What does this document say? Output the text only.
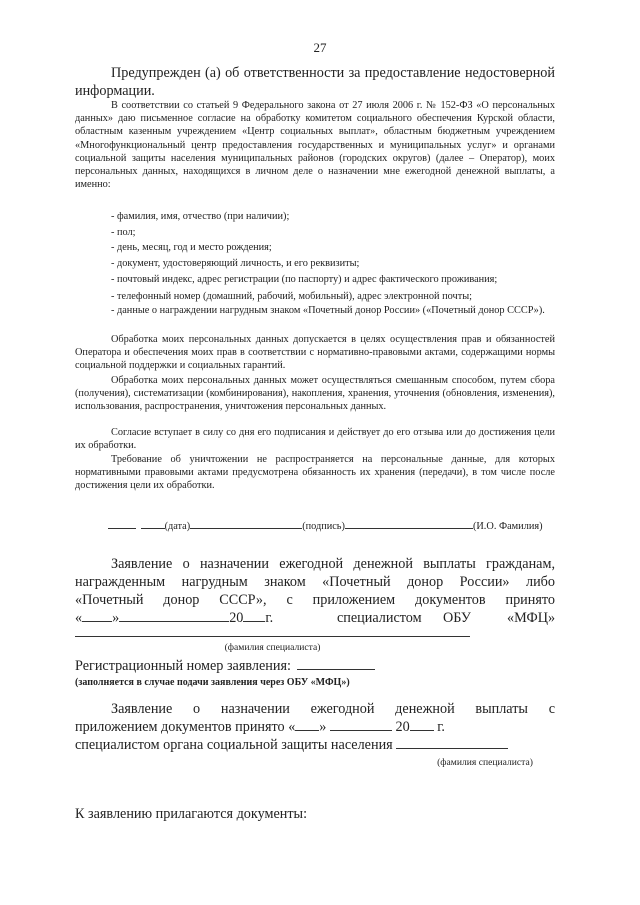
27
Предупрежден (а) об ответственности за предоставление недостоверной информации.
В соответствии со статьей 9 Федерального закона от 27 июля 2006 г. № 152-ФЗ «О персональных данных» даю письменное согласие на обработку комитетом социального обеспечения Курской области, областным казенным учреждением «Центр социальных выплат», областным бюджетным учреждением «Многофункциональный центр предоставления государственных и муниципальных услуг» и органами социальной защиты населения муниципальных районов (городских округов) (далее – Оператор), моих персональных данных, находящихся в личном деле о назначении мне ежегодной денежной выплаты, а именно:
- фамилия, имя, отчество (при наличии);
- пол;
- день, месяц, год и место рождения;
- документ, удостоверяющий личность, и его реквизиты;
- почтовый индекс, адрес регистрации (по паспорту) и адрес фактического проживания;
- телефонный номер (домашний, рабочий, мобильный), адрес электронной почты;
- данные о награждении нагрудным знаком «Почетный донор России» («Почетный донор СССР»).
Обработка моих персональных данных допускается в целях осуществления прав и обязанностей Оператора и обеспечения моих прав в соответствии с нормативно-правовыми актами, содержащими нормы социальной поддержки и социальных гарантий.
Обработка моих персональных данных может осуществляться смешанным способом, путем сбора (получения), систематизации (комбинирования), накопления, хранения, уточнения (обновления, изменения), использования, распространения, уничтожения персональных данных.
Согласие вступает в силу со дня его подписания и действует до его отзыва или до достижения цели их обработки.
Требование об уничтожении не распространяется на персональные данные, для которых нормативными правовыми актами предусмотрена обязанность их хранения (передачи), в том числе после достижения цели их обработки.
(дата)	(подпись)	(И.О. Фамилия)
Заявление о назначении ежегодной денежной выплаты гражданам,
награжденным нагрудным знаком «Почетный донор России» либо
«Почетный донор СССР», с приложением документов принято
« »	20 г.	специалистом ОБУ	«МФЦ»
(фамилия специалиста)
Регистрационный номер заявления:
(заполняется в случае подачи заявления через ОБУ «МФЦ»)
Заявление о назначении ежегодной денежной выплаты с
приложением документов принято « »	20 г.
специалистом органа социальной защиты населения
(фамилия специалиста)
К заявлению прилагаются документы:
